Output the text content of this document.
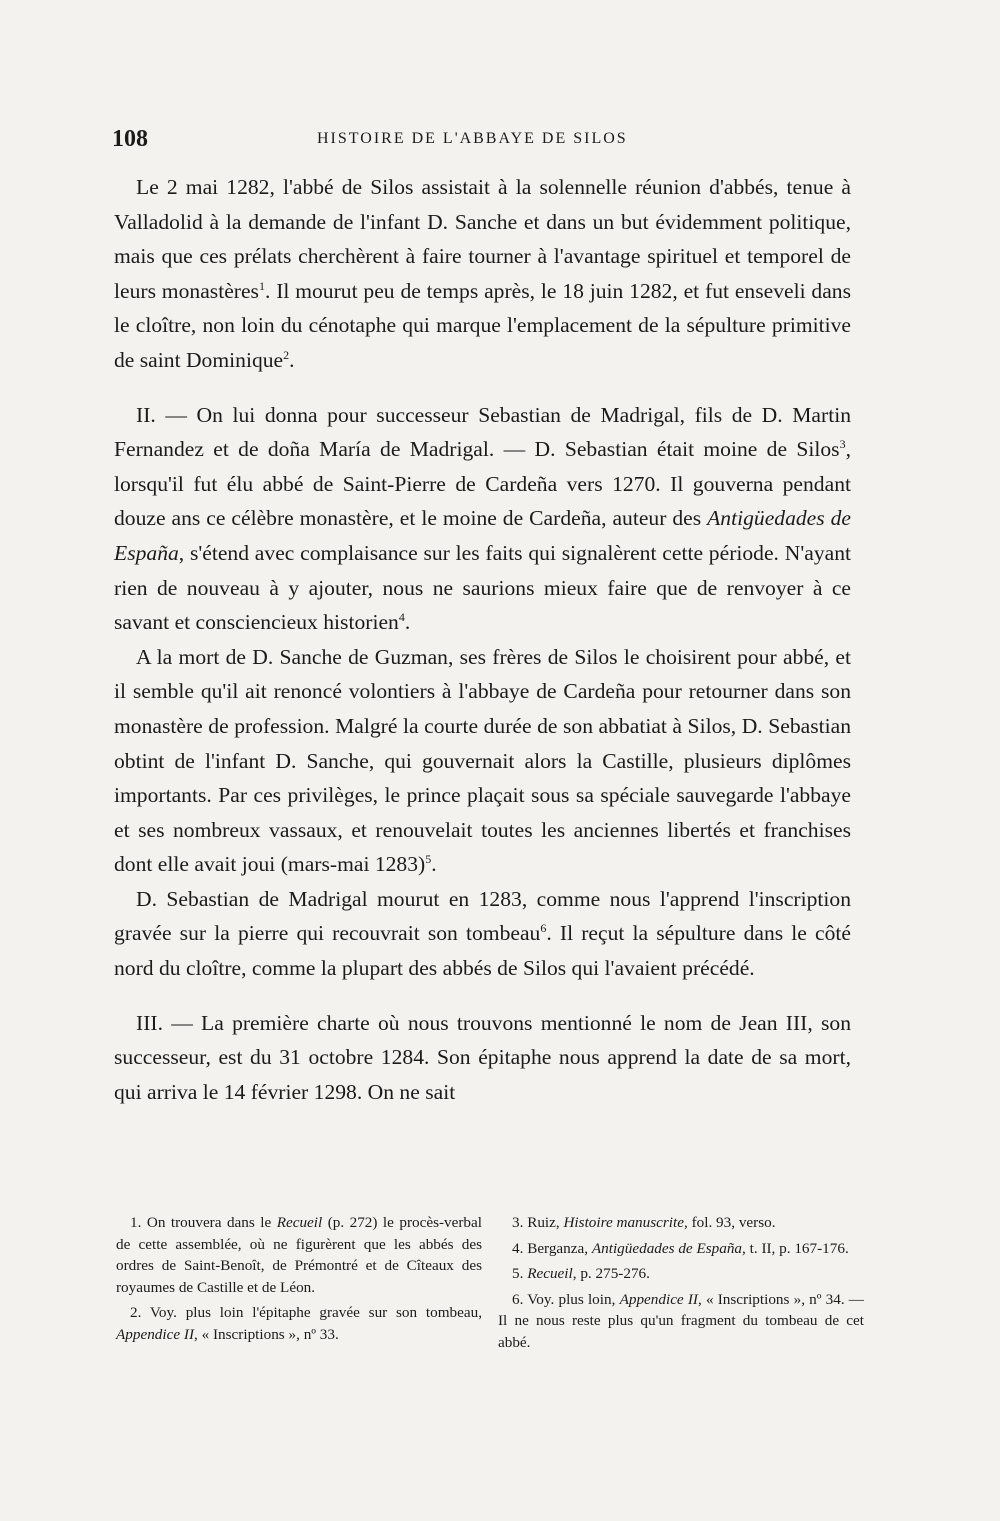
108	HISTOIRE DE L'ABBAYE DE SILOS

Le 2 mai 1282, l'abbé de Silos assistait à la solennelle réunion d'abbés, tenue à Valladolid à la demande de l'infant D. Sanche et dans un but évidemment politique, mais que ces prélats cherchèrent à faire tourner à l'avantage spirituel et temporel de leurs monastères$^1$. Il mourut peu de temps après, le 18 juin 1282, et fut enseveli dans le cloître, non loin du cénotaphe qui marque l'emplacement de la sépulture primitive de saint Dominique$^2$.

II. — On lui donna pour successeur Sebastian de Madrigal, fils de D. Martin Fernandez et de doña María de Madrigal. — D. Sebastian était moine de Silos$^3$, lorsqu'il fut élu abbé de Saint-Pierre de Cardeña vers 1270. Il gouverna pendant douze ans ce célèbre monastère, et le moine de Cardeña, auteur des Antigüedades de España, s'étend avec complaisance sur les faits qui signalèrent cette période. N'ayant rien de nouveau à y ajouter, nous ne saurions mieux faire que de renvoyer à ce savant et consciencieux historien$^4$.

A la mort de D. Sanche de Guzman, ses frères de Silos le choisirent pour abbé, et il semble qu'il ait renoncé volontiers à l'abbaye de Cardeña pour retourner dans son monastère de profession. Malgré la courte durée de son abbatiat à Silos, D. Sebastian obtint de l'infant D. Sanche, qui gouvernait alors la Castille, plusieurs diplômes importants. Par ces privilèges, le prince plaçait sous sa spéciale sauvegarde l'abbaye et ses nombreux vassaux, et renouvelait toutes les anciennes libertés et franchises dont elle avait joui (mars-mai 1283)$^5$.

D. Sebastian de Madrigal mourut en 1283, comme nous l'apprend l'inscription gravée sur la pierre qui recouvrait son tombeau$^6$. Il reçut la sépulture dans le côté nord du cloître, comme la plupart des abbés de Silos qui l'avaient précédé.

III. — La première charte où nous trouvons mentionné le nom de Jean III, son successeur, est du 31 octobre 1284. Son épitaphe nous apprend la date de sa mort, qui arriva le 14 février 1298. On ne sait

1. On trouvera dans le Recueil (p. 272) le procès-verbal de cette assemblée, où ne figurèrent que les abbés des ordres de Saint-Benoît, de Prémontré et de Cîteaux des royaumes de Castille et de Léon.

2. Voy. plus loin l'épitaphe gravée sur son tombeau, Appendice II, « Inscriptions », nº 33.

3. Ruiz, Histoire manuscrite, fol. 93, verso.

4. Berganza, Antigüedades de España, t. II, p. 167-176.

5. Recueil, p. 275-276.

6. Voy. plus loin, Appendice II, « Inscriptions », nº 34. — Il ne nous reste plus qu'un fragment du tombeau de cet abbé.
